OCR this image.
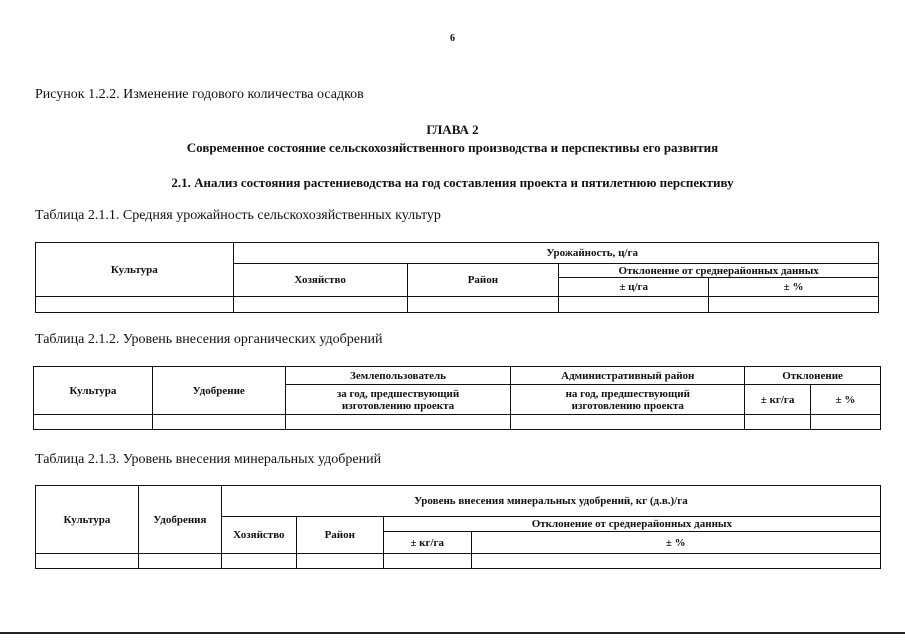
6
Рисунок 1.2.2. Изменение годового количества осадков
ГЛАВА 2
Современное состояние сельскохозяйственного производства и перспективы его развития
2.1. Анализ состояния растениеводства на год составления проекта и пятилетнюю перспективу
Таблица 2.1.1. Средняя урожайность сельскохозяйственных культур
Культура	Урожайность, ц/га			
	Хозяйство	Район	Отклонение от среднерайонных данных	
			± ц/га	± %

Таблица 2.1.2. Уровень внесения органических удобрений
Культура	Удобрение	Землепользователь	Административный район	Отклонение	
		за год, предшествующий изготовлению проекта	на год, предшествующий изготовлению проекта	± кг/га	± %

Таблица 2.1.3. Уровень внесения минеральных удобрений
Культура	Удобрения	Уровень внесения минеральных удобрений, кг (д.в.)/га			
		Хозяйство	Район	Отклонение от среднерайонных данных	
				± кг/га	± %
